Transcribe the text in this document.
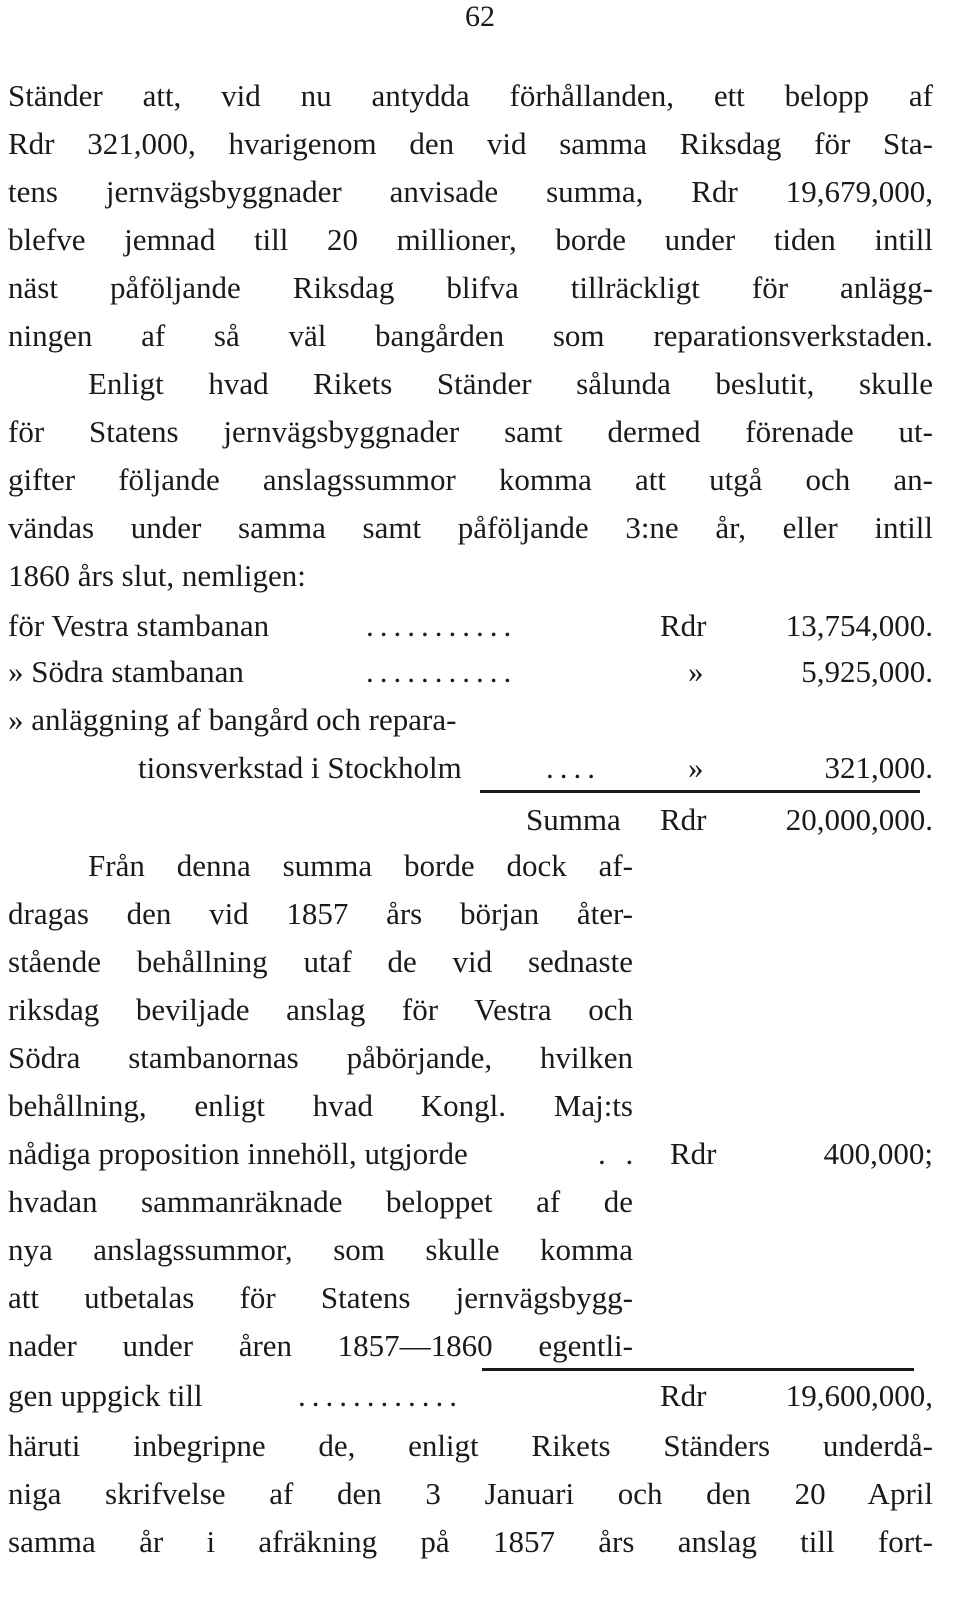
62
Ständer att, vid nu antydda förhållanden, ett belopp af
Rdr 321,000, hvarigenom den vid samma Riksdag för Sta-
tens jernvägsbyggnader anvisade summa, Rdr 19,679,000,
blefve jemnad till 20 millioner, borde under tiden intill
näst påföljande Riksdag blifva tillräckligt för anlägg-
ningen af så väl bangården som reparationsverkstaden.
Enligt hvad Rikets Ständer sålunda beslutit, skulle
för Statens jernvägsbyggnader samt dermed förenade ut-
gifter följande anslagssummor komma att utgå och an-
vändas under samma samt påföljande 3:ne år, eller intill
1860 års slut, nemligen:
för Vestra stambanan	...........	Rdr	13,754,000.
» Södra stambanan	...........	»	5,925,000.
» anläggning af bangård och repara-
tionsverkstad i Stockholm	....	»	321,000.
Summa Rdr	20,000,000.
Från denna summa borde dock af-
dragas den vid 1857 års början åter-
stående behållning utaf de vid sednaste
riksdag beviljade anslag för Vestra och
Södra stambanornas påbörjande, hvilken
behållning, enligt hvad Kongl. Maj:ts
nådiga proposition innehöll, utgjorde	. . Rdr	400,000;
hvadan sammanräknade beloppet af de
nya anslagssummor, som skulle komma
att utbetalas för Statens jernvägsbygg-
nader under åren 1857—1860 egentli-
gen uppgick till	............	Rdr	19,600,000,
häruti inbegripne de, enligt Rikets Ständers underdå-
niga skrifvelse af den 3 Januari och den 20 April
samma år i afräkning på 1857 års anslag till fort-
